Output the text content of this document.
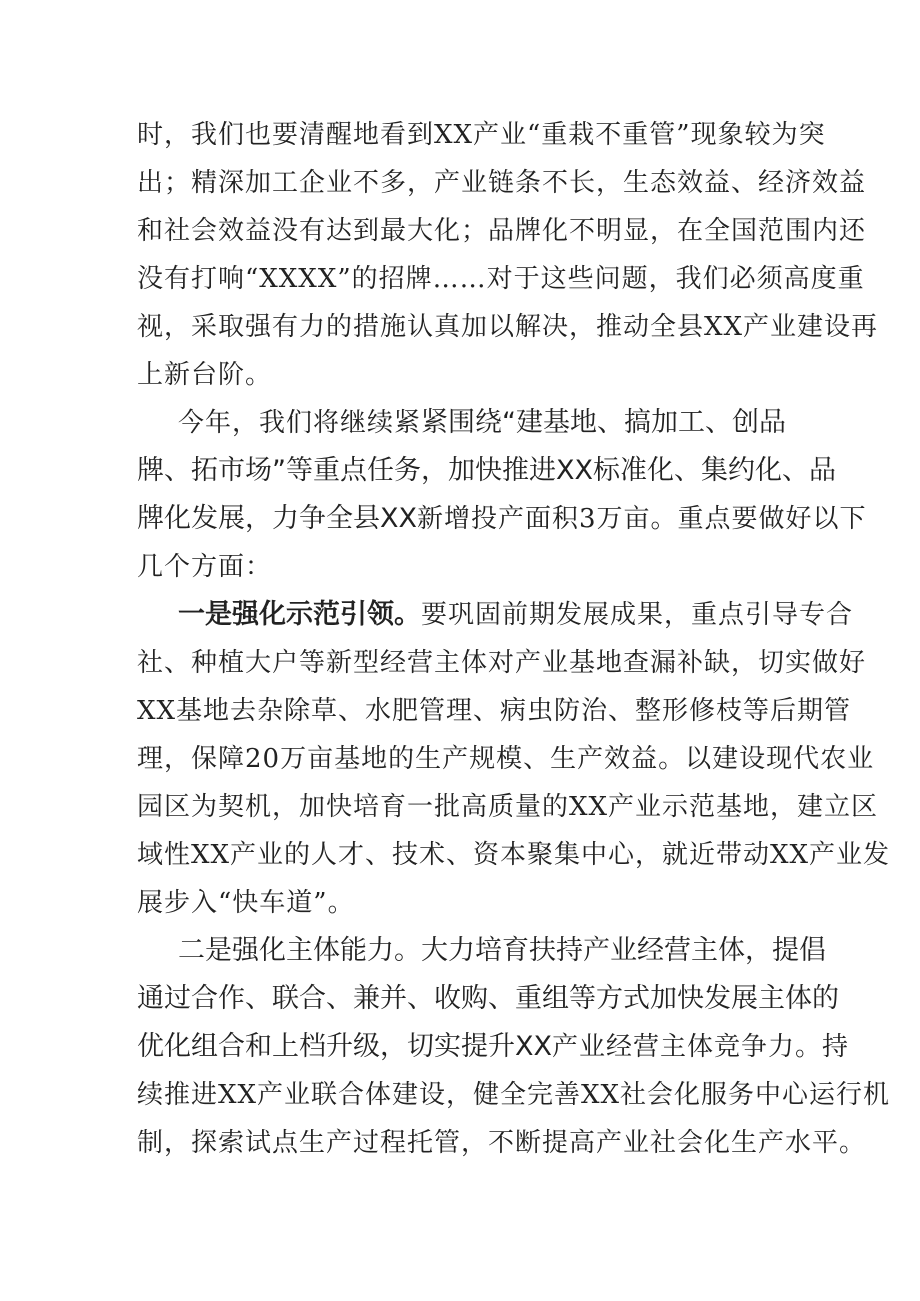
时，我们也要清醒地看到XX产业“重栽不重管”现象较为突
出；精深加工企业不多，产业链条不长，生态效益、经济效益
和社会效益没有达到最大化；品牌化不明显，在全国范围内还
没有打响“XXXX”的招牌……对于这些问题，我们必须高度重
视，采取强有力的措施认真加以解决，推动全县XX产业建设再
上新台阶。
今年，我们将继续紧紧围绕“建基地、搞加工、创品
牌、拓市场”等重点任务，加快推进XX标准化、集约化、品
牌化发展，力争全县XX新增投产面积3万亩。重点要做好以下
几个方面：
一是强化示范引领。要巩固前期发展成果，重点引导专合
社、种植大户等新型经营主体对产业基地查漏补缺，切实做好
XX基地去杂除草、水肥管理、病虫防治、整形修枝等后期管
理，保障20万亩基地的生产规模、生产效益。以建设现代农业
园区为契机，加快培育一批高质量的XX产业示范基地，建立区
域性XX产业的人才、技术、资本聚集中心，就近带动XX产业发
展步入“快车道”。
二是强化主体能力。大力培育扶持产业经营主体，提倡
通过合作、联合、兼并、收购、重组等方式加快发展主体的
优化组合和上档升级，切实提升XX产业经营主体竞争力。持
续推进XX产业联合体建设，健全完善XX社会化服务中心运行机
制，探索试点生产过程托管，不断提高产业社会化生产水平。
